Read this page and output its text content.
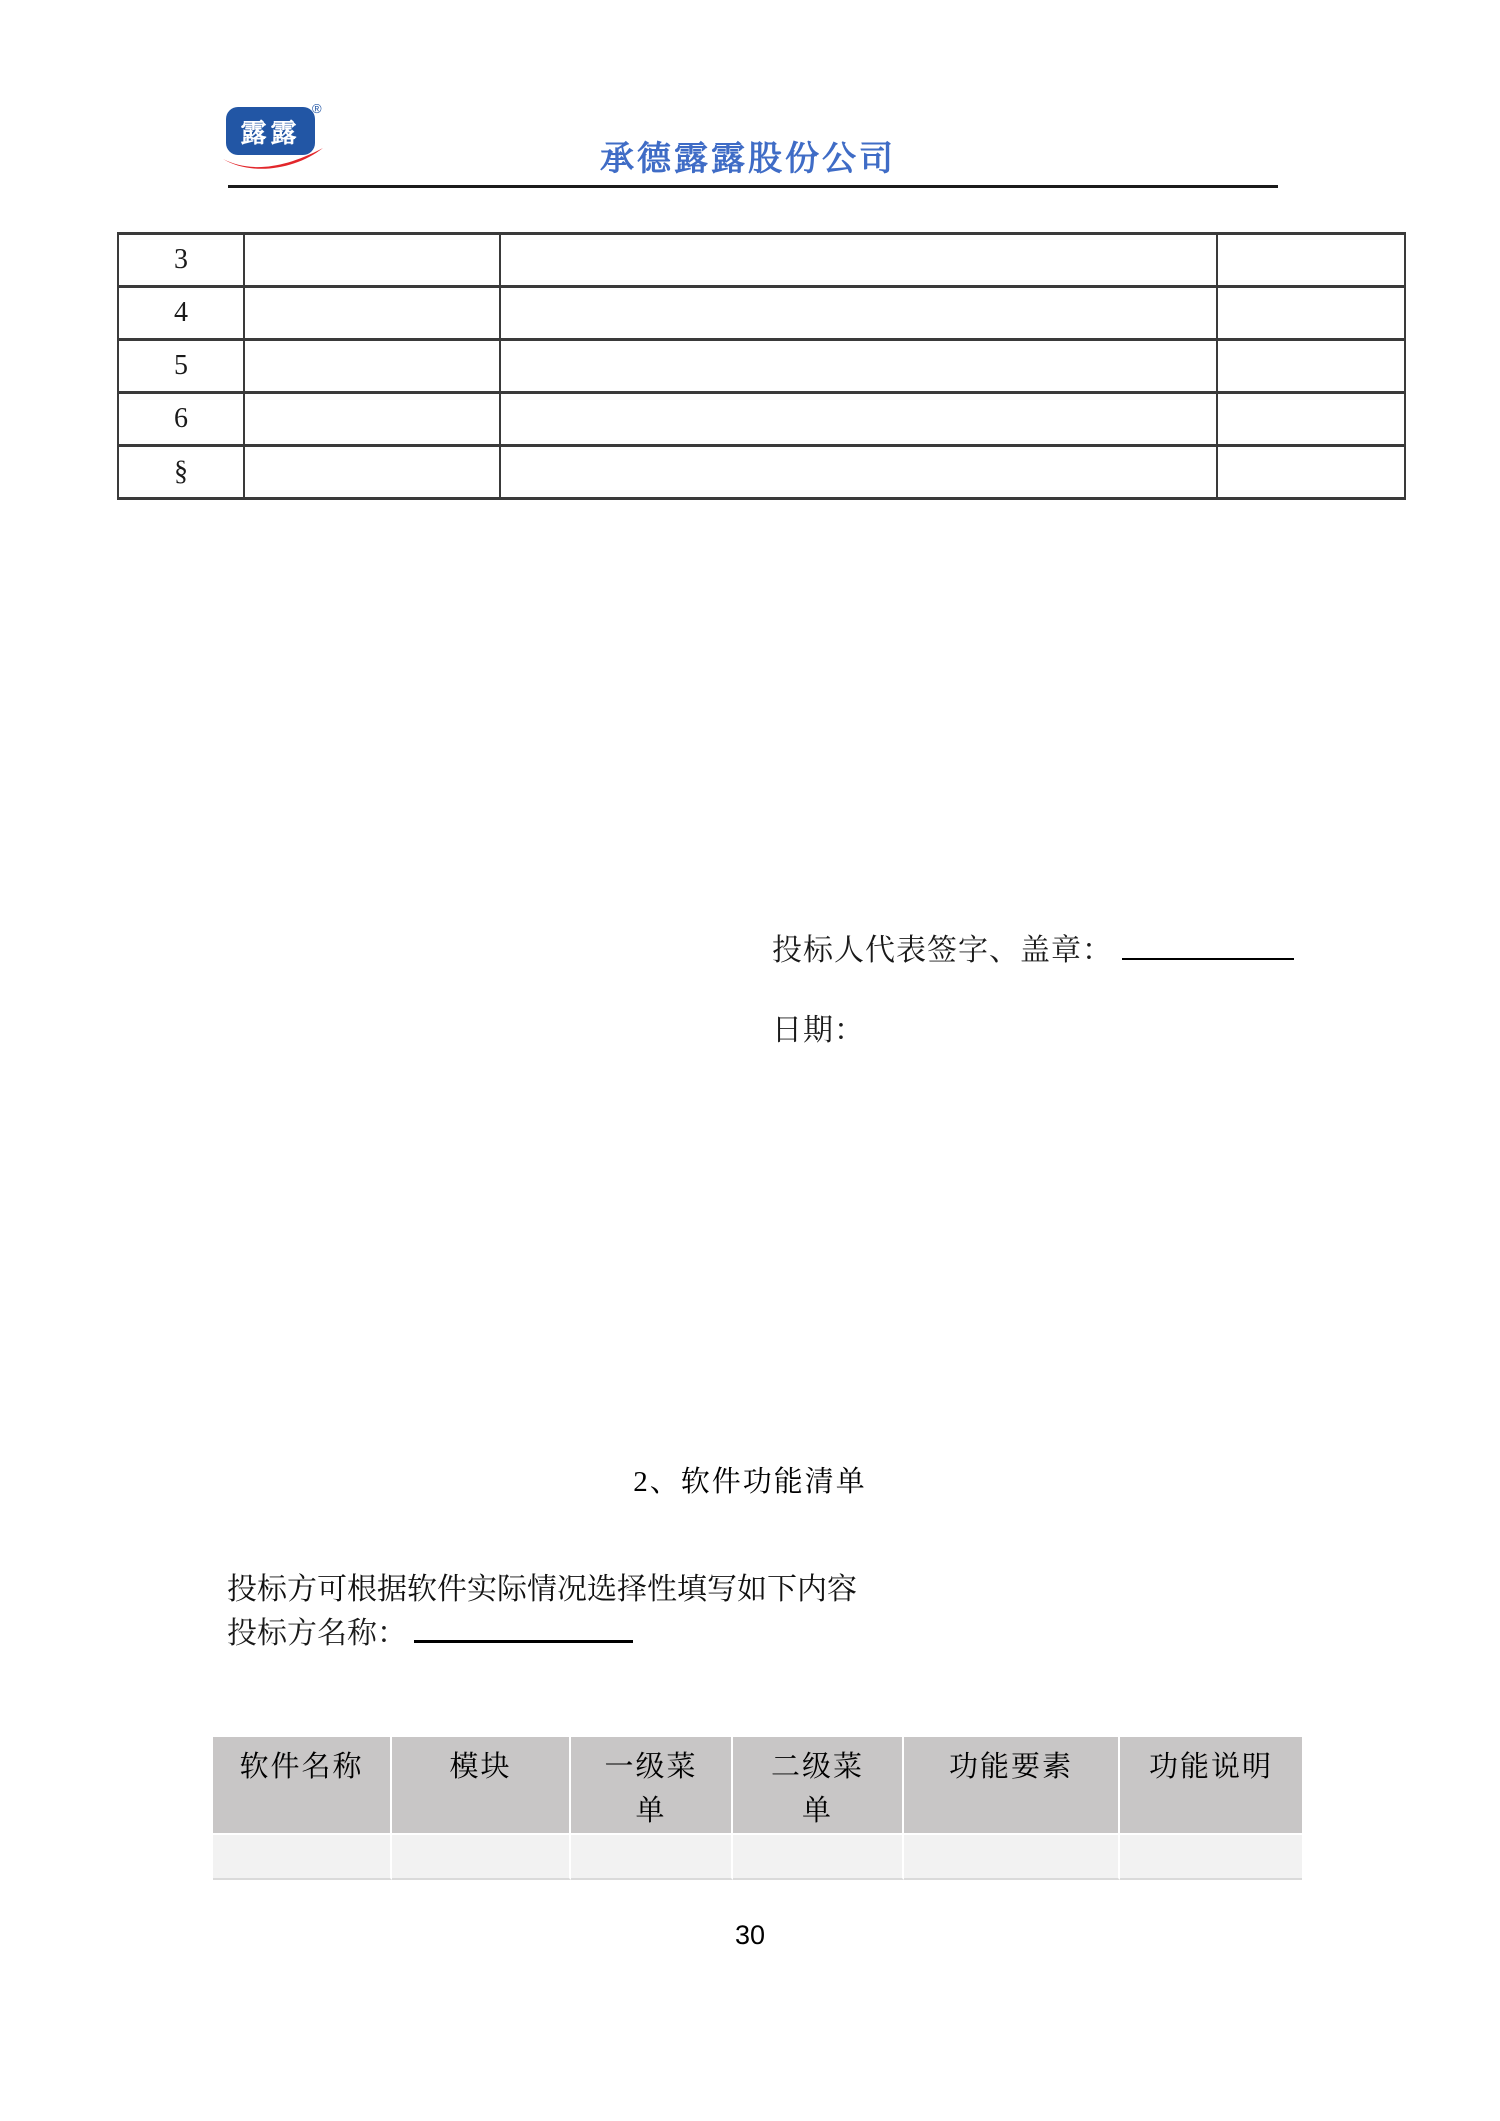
露露
®
承德露露股份公司
3			
4			
5			
6			
§			
投标人代表签字、盖章：
日期：
2、软件功能清单
投标方可根据软件实际情况选择性填写如下内容
投标方名称：
软件名称	模块	一级菜单	二级菜单	功能要素	功能说明

30
